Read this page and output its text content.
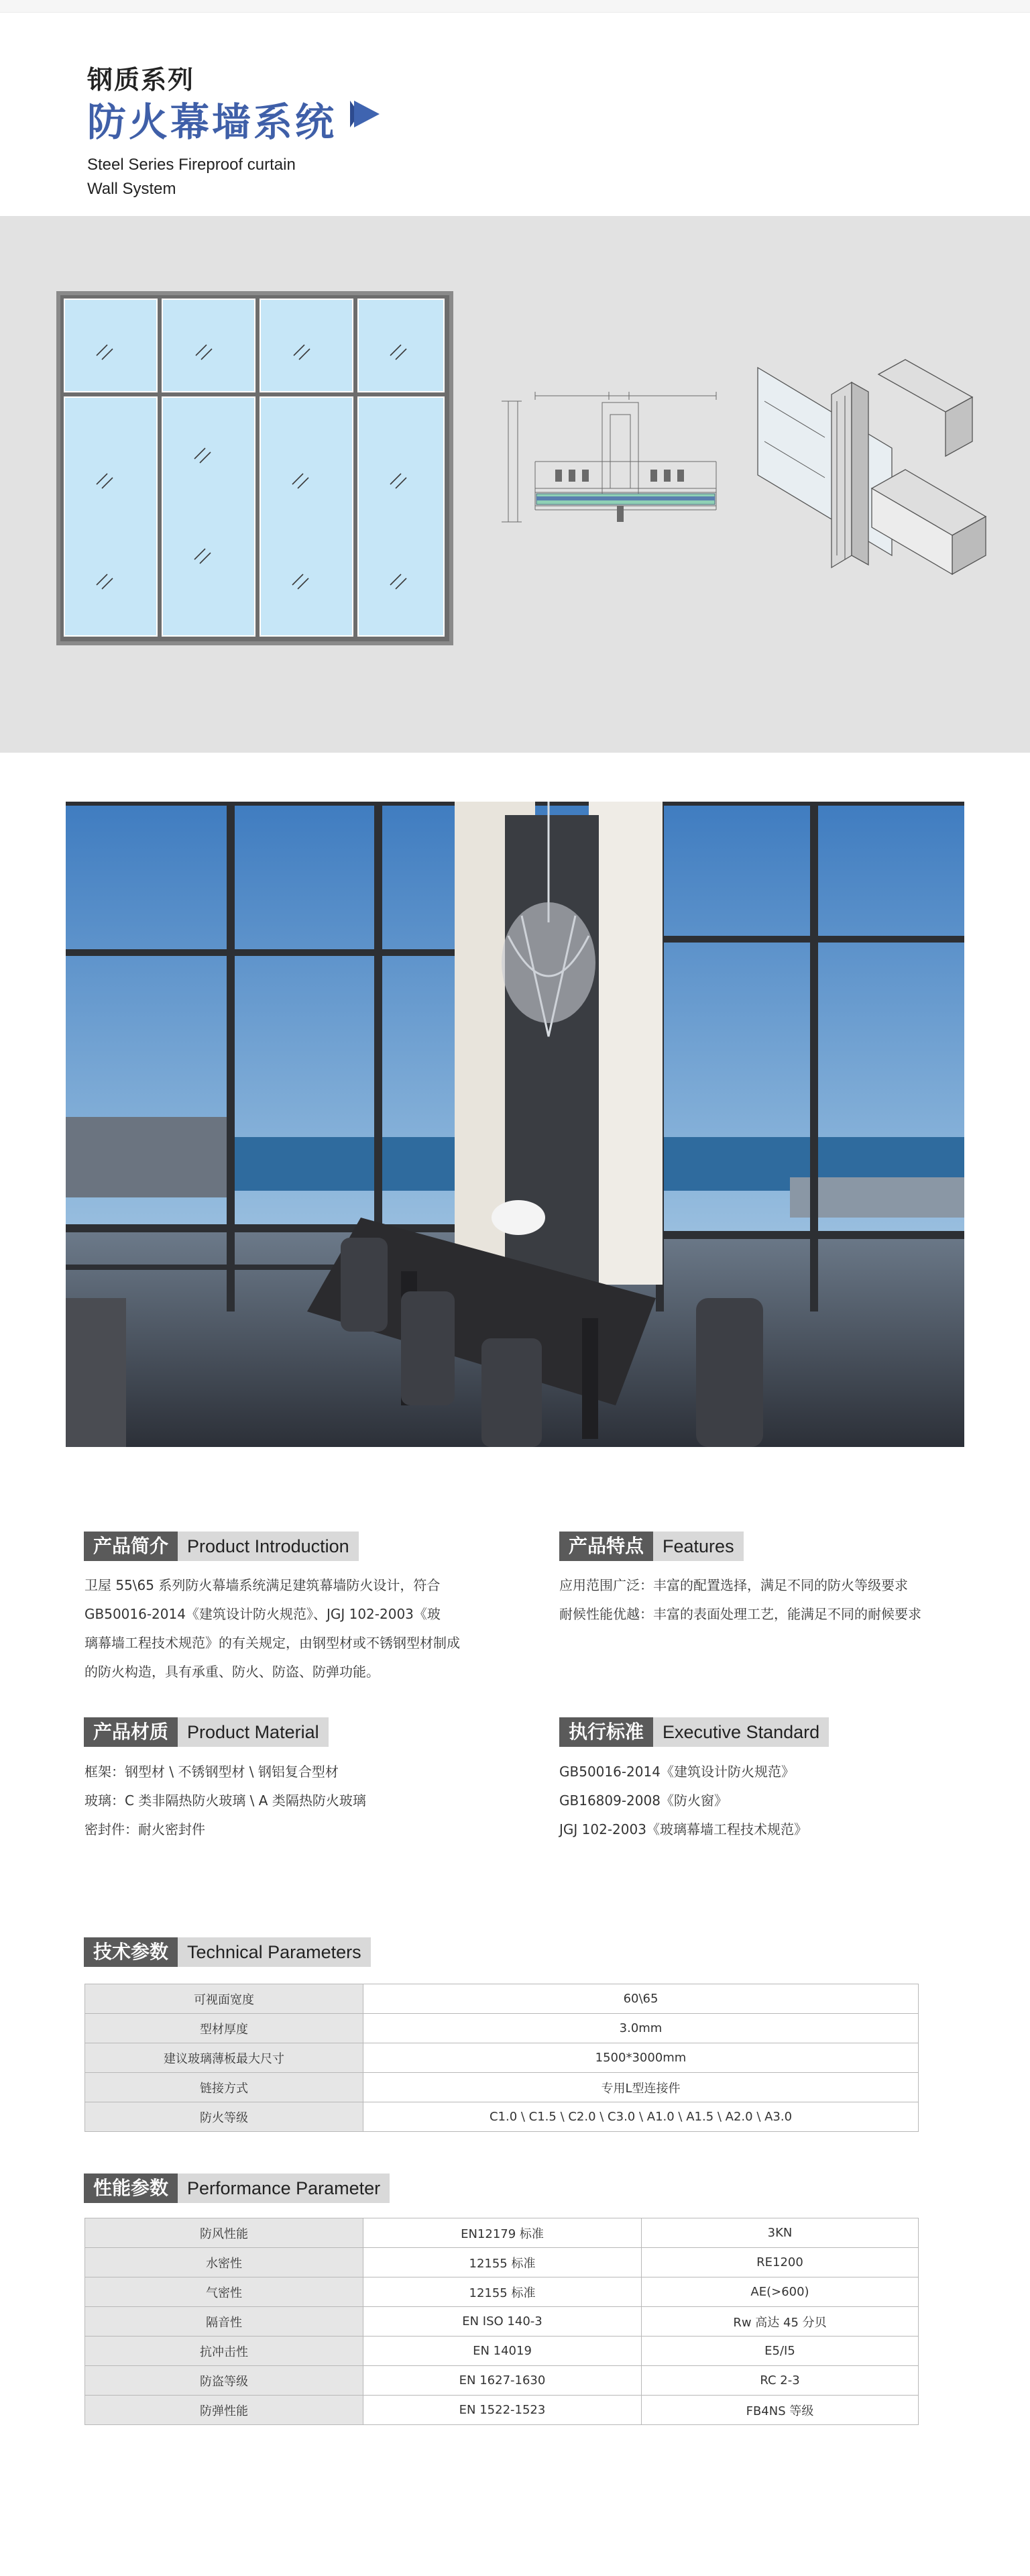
钢质系列
防火幕墙系统
Steel Series Fireproof curtain
Wall System
产品简介	Product Introduction
卫屋 55\65 系列防火幕墙系统满足建筑幕墙防火设计，符合
GB50016-2014《建筑设计防火规范》、JGJ 102-2003《玻
璃幕墙工程技术规范》的有关规定，由钢型材或不锈钢型材制成
的防火构造，具有承重、防火、防盗、防弹功能。
产品特点	Features
应用范围广泛：丰富的配置选择，满足不同的防火等级要求
耐候性能优越：丰富的表面处理工艺，能满足不同的耐候要求
产品材质	Product Material
框架：钢型材 \ 不锈钢型材 \ 钢铝复合型材
玻璃：C 类非隔热防火玻璃 \ A 类隔热防火玻璃
密封件：耐火密封件
执行标准	Executive Standard
GB50016-2014《建筑设计防火规范》
GB16809-2008《防火窗》
JGJ 102-2003《玻璃幕墙工程技术规范》
技术参数	Technical Parameters
可视面宽度	60\65
型材厚度	3.0mm
建议玻璃薄板最大尺寸	1500*3000mm
链接方式	专用L型连接件
防火等级	C1.0 \ C1.5 \ C2.0 \ C3.0 \ A1.0 \ A1.5 \ A2.0 \ A3.0
性能参数	Performance Parameter
防风性能	EN12179 标准	3KN
水密性	12155 标准	RE1200
气密性	12155 标准	AE(>600)
隔音性	EN ISO 140-3	Rw 高达 45 分贝
抗冲击性	EN 14019	E5/I5
防盗等级	EN 1627-1630	RC 2-3
防弹性能	EN 1522-1523	FB4NS 等级
